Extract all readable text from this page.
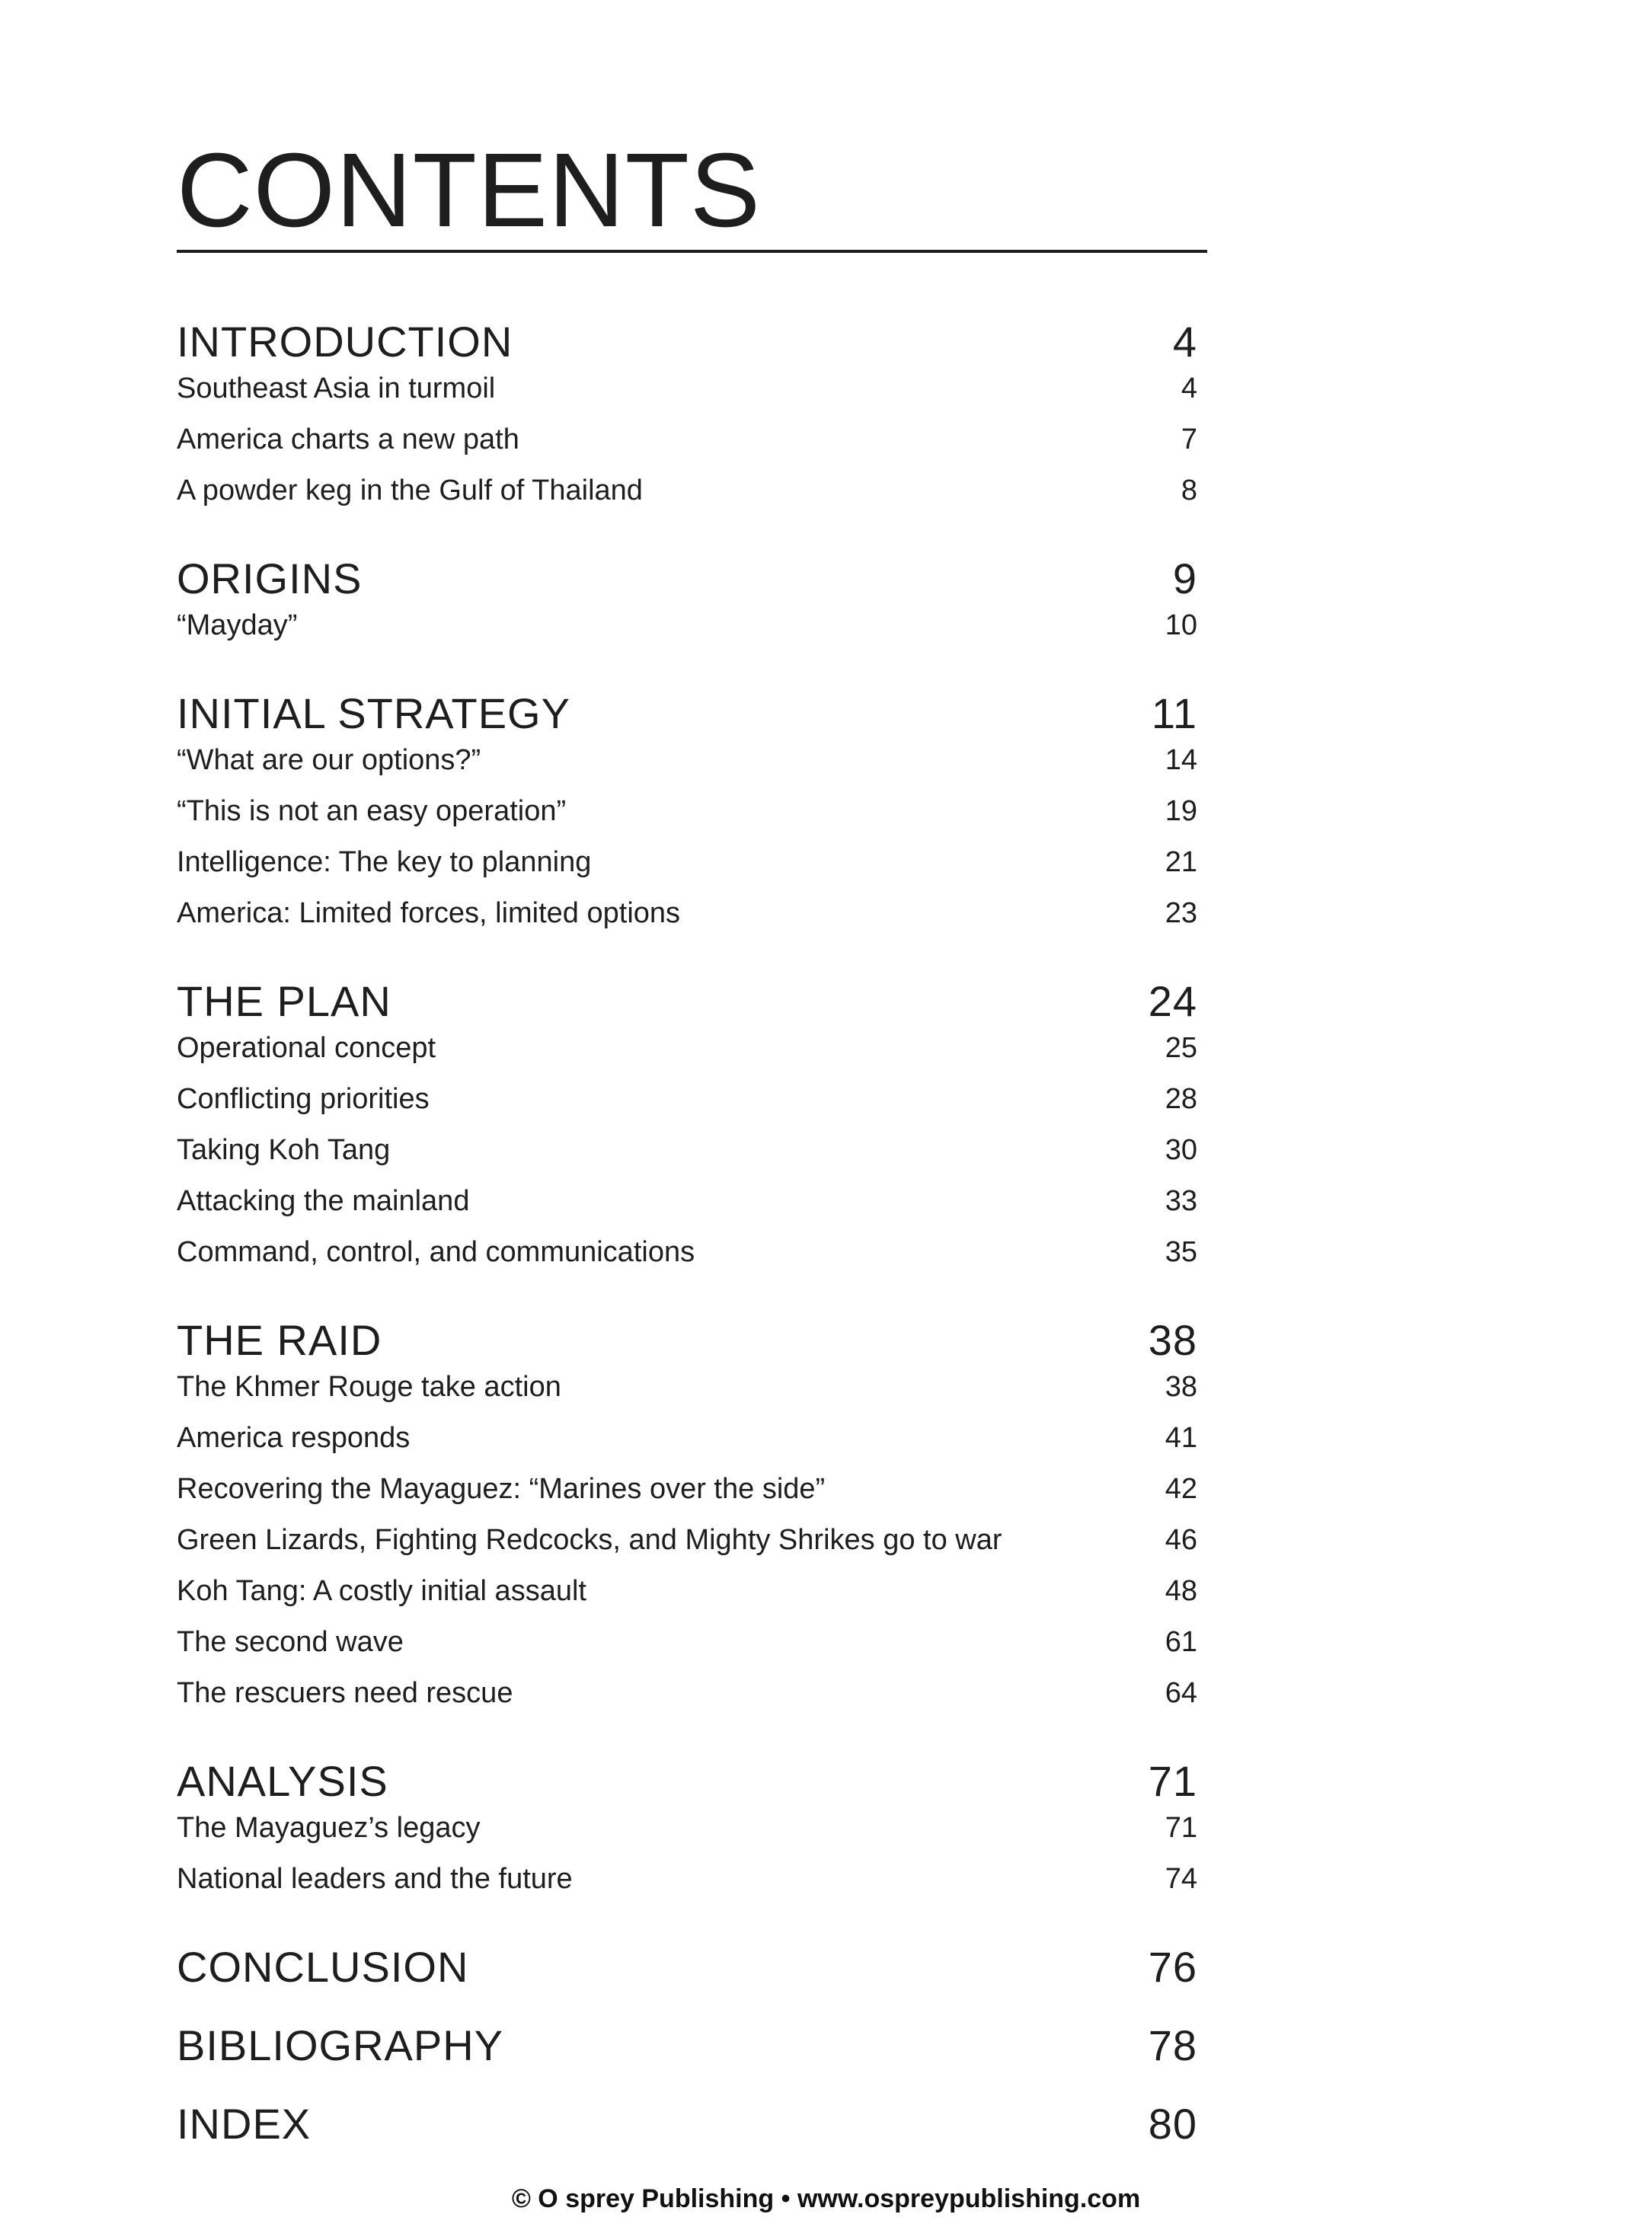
CONTENTS
INTRODUCTION	4
Southeast Asia in turmoil	4
America charts a new path	7
A powder keg in the Gulf of Thailand	8
ORIGINS	9
“Mayday”	10
INITIAL STRATEGY	11
“What are our options?”	14
“This is not an easy operation”	19
Intelligence: The key to planning	21
America: Limited forces, limited options	23
THE PLAN	24
Operational concept	25
Conflicting priorities	28
Taking Koh Tang	30
Attacking the mainland	33
Command, control, and communications	35
THE RAID	38
The Khmer Rouge take action	38
America responds	41
Recovering the Mayaguez: “Marines over the side”	42
Green Lizards, Fighting Redcocks, and Mighty Shrikes go to war	46
Koh Tang: A costly initial assault	48
The second wave	61
The rescuers need rescue	64
ANALYSIS	71
The Mayaguez’s legacy	71
National leaders and the future	74
CONCLUSION	76
BIBLIOGRAPHY	78
INDEX	80
© O sprey Publishing • www.ospreypublishing.com
